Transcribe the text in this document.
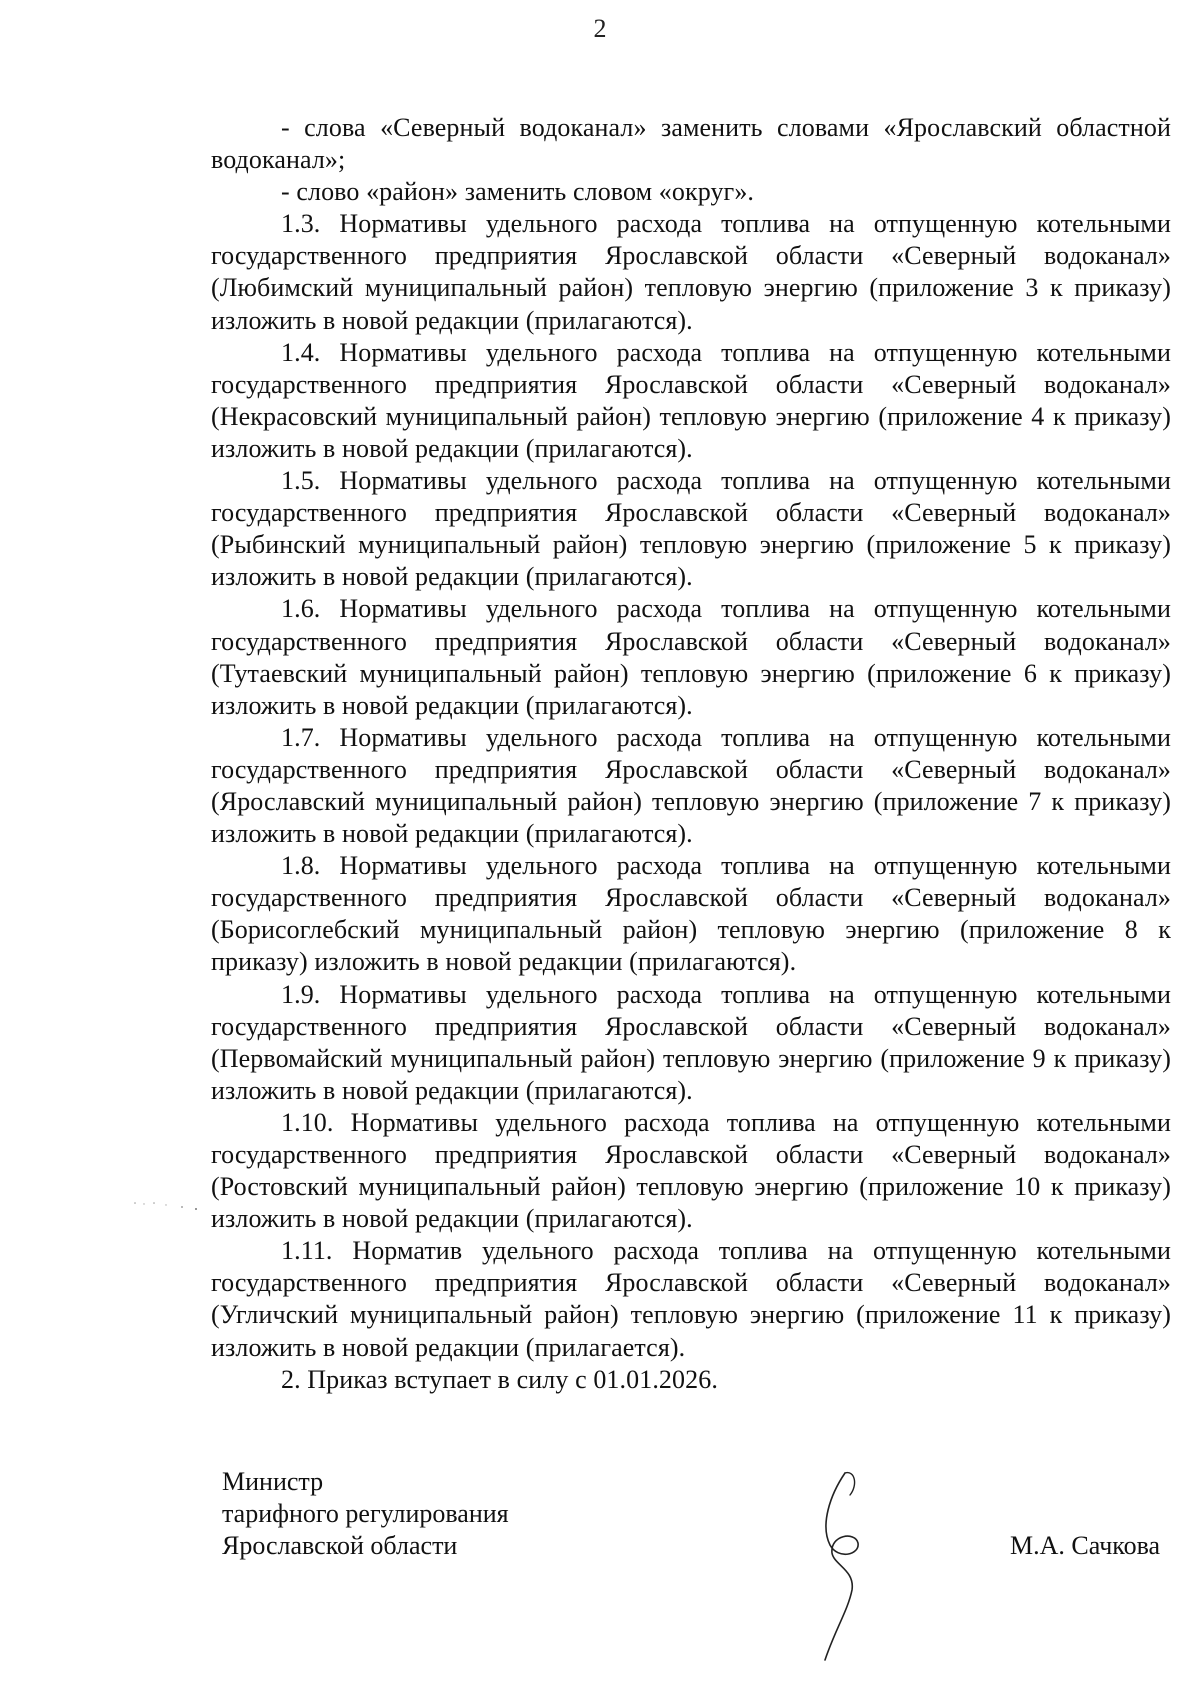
2

- слова «Северный водоканал» заменить словами «Ярославский областной водоканал»;

- слово «район» заменить словом «округ».

1.3. Нормативы удельного расхода топлива на отпущенную котельными государственного предприятия Ярославской области «Северный водоканал» (Любимский муниципальный район) тепловую энергию (приложение 3 к приказу) изложить в новой редакции (прилагаются).

1.4. Нормативы удельного расхода топлива на отпущенную котельными государственного предприятия Ярославской области «Северный водоканал» (Некрасовский муниципальный район) тепловую энергию (приложение 4 к приказу) изложить в новой редакции (прилагаются).

1.5. Нормативы удельного расхода топлива на отпущенную котельными государственного предприятия Ярославской области «Северный водоканал» (Рыбинский муниципальный район) тепловую энергию (приложение 5 к приказу) изложить в новой редакции (прилагаются).

1.6. Нормативы удельного расхода топлива на отпущенную котельными государственного предприятия Ярославской области «Северный водоканал» (Тутаевский муниципальный район) тепловую энергию (приложение 6 к приказу) изложить в новой редакции (прилагаются).

1.7. Нормативы удельного расхода топлива на отпущенную котельными государственного предприятия Ярославской области «Северный водоканал» (Ярославский муниципальный район) тепловую энергию (приложение 7 к приказу) изложить в новой редакции (прилагаются).

1.8. Нормативы удельного расхода топлива на отпущенную котельными государственного предприятия Ярославской области «Северный водоканал» (Борисоглебский муниципальный район) тепловую энергию (приложение 8 к приказу) изложить в новой редакции (прилагаются).

1.9. Нормативы удельного расхода топлива на отпущенную котельными государственного предприятия Ярославской области «Северный водоканал» (Первомайский муниципальный район) тепловую энергию (приложение 9 к приказу) изложить в новой редакции (прилагаются).

1.10. Нормативы удельного расхода топлива на отпущенную котельными государственного предприятия Ярославской области «Северный водоканал» (Ростовский муниципальный район) тепловую энергию (приложение 10 к приказу) изложить в новой редакции (прилагаются).

1.11. Норматив удельного расхода топлива на отпущенную котельными государственного предприятия Ярославской области «Северный водоканал» (Угличский муниципальный район) тепловую энергию (приложение 11 к приказу) изложить в новой редакции (прилагается).

2. Приказ вступает в силу с 01.01.2026.

Министр
тарифного регулирования
Ярославской области	М.А. Сачкова
